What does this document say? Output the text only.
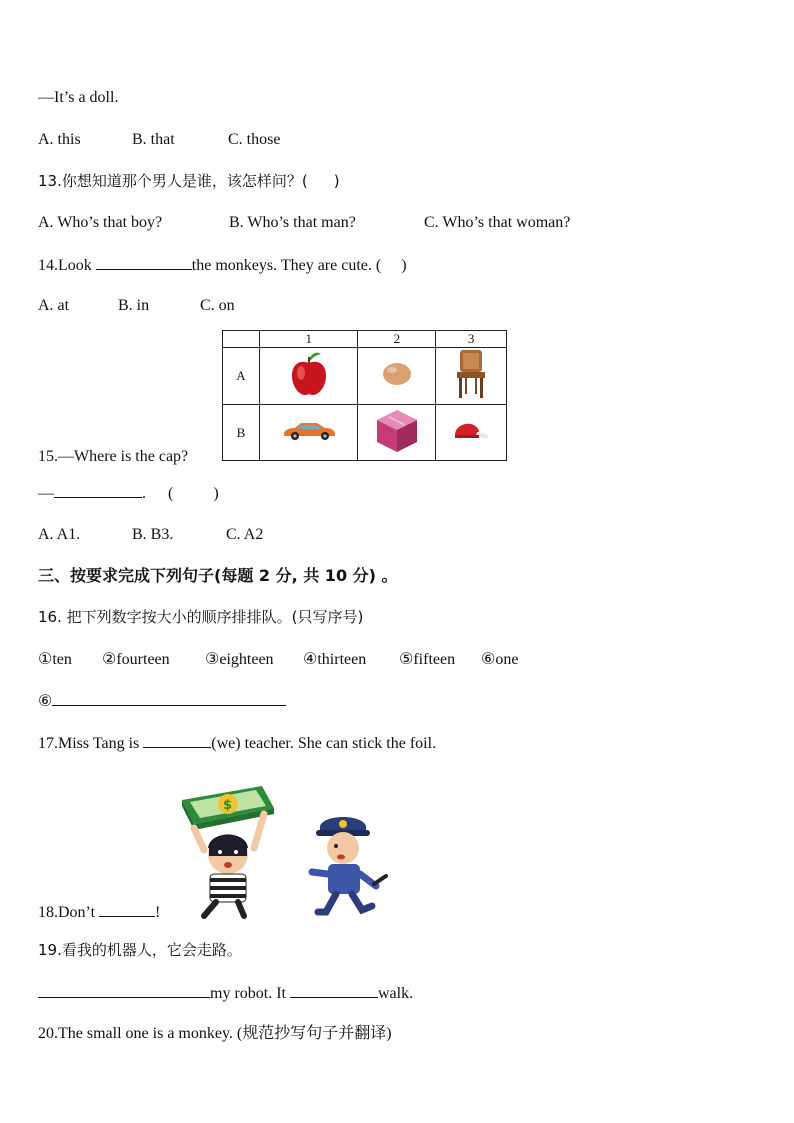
—It’s a doll.
A. this	B. that	C. those
13.你想知道那个男人是谁，该怎样问？( )
A. Who’s that boy?	B. Who’s that man?	C. Who’s that woman?
14.Look	the monkeys. They are cute. ( )
A. at	B. in	C. on
	1	2	3
A			
B			
15.—Where is the cap?
—	. (          )
A. A1.	B. B3.	C. A2
三、按要求完成下列句子(每题 2 分, 共 10 分) 。
16. 把下列数字按大小的顺序排排队。(只写序号)
①ten ②fourteen ③eighteen ④thirteen ⑤fifteen ⑥one
⑥
17.Miss Tang is	(we) teacher. She can stick the foil.
$
18.Don’t	!
19.看我的机器人，它会走路。
my robot. It	walk.
20.The small one is a monkey. (规范抄写句子并翻译)
